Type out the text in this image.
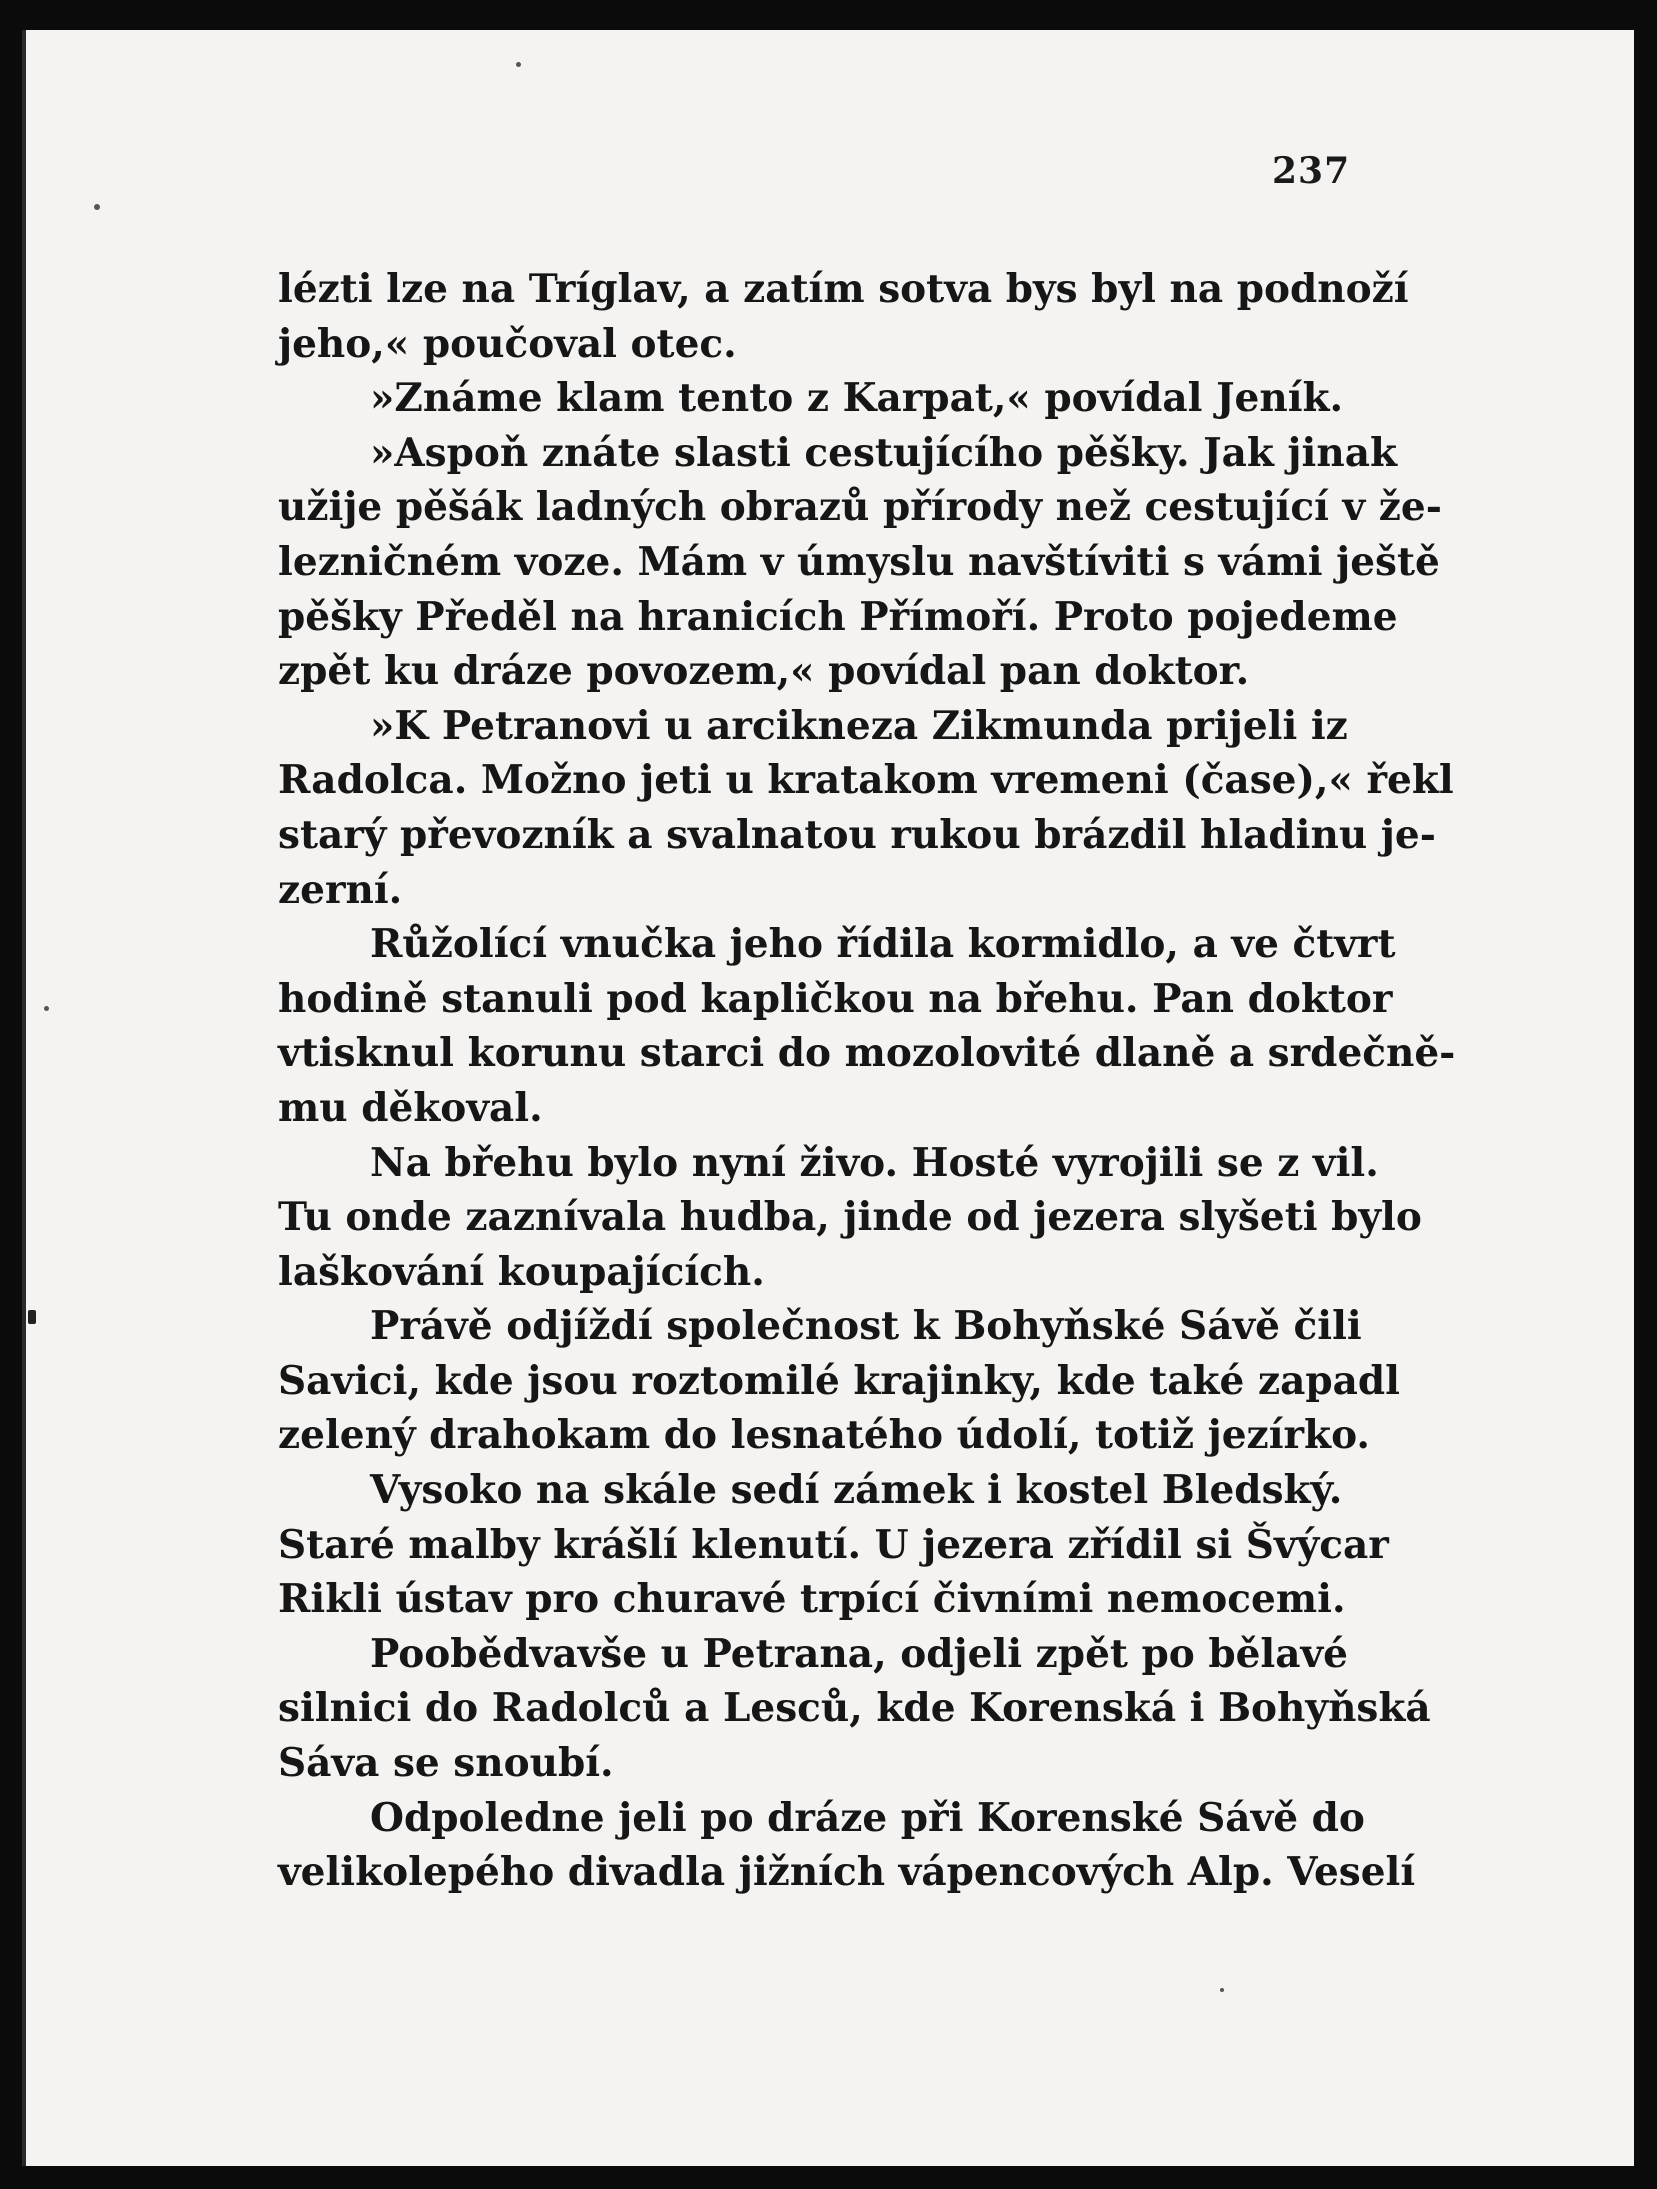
237
lézti lze na Tríglav, a zatím sotva bys byl na podnoží
jeho,« poučoval otec.
»Známe klam tento z Karpat,« povídal Jeník.
»Aspoň znáte slasti cestujícího pěšky. Jak jinak
užije pěšák ladných obrazů přírody než cestující v že-
lezničném voze. Mám v úmyslu navštíviti s vámi ještě
pěšky Předěl na hranicích Přímoří. Proto pojedeme
zpět ku dráze povozem,« povídal pan doktor.
»K Petranovi u arcikneza Zikmunda prijeli iz
Radolca. Možno jeti u kratakom vremeni (čase),« řekl
starý převozník a svalnatou rukou brázdil hladinu je-
zerní.
Růžolící vnučka jeho řídila kormidlo, a ve čtvrt
hodině stanuli pod kapličkou na břehu. Pan doktor
vtisknul korunu starci do mozolovité dlaně a srdečně-
mu děkoval.
Na břehu bylo nyní živo. Hosté vyrojili se z vil.
Tu onde zaznívala hudba, jinde od jezera slyšeti bylo
laškování koupajících.
Právě odjíždí společnost k Bohyňské Sávě čili
Savici, kde jsou roztomilé krajinky, kde také zapadl
zelený drahokam do lesnatého údolí, totiž jezírko.
Vysoko na skále sedí zámek i kostel Bledský.
Staré malby krášlí klenutí. U jezera zřídil si Švýcar
Rikli ústav pro churavé trpící čivními nemocemi.
Poobědvavše u Petrana, odjeli zpět po bělavé
silnici do Radolců a Lesců, kde Korenská i Bohyňská
Sáva se snoubí.
Odpoledne jeli po dráze při Korenské Sávě do
velikolepého divadla jižních vápencových Alp. Veselí
